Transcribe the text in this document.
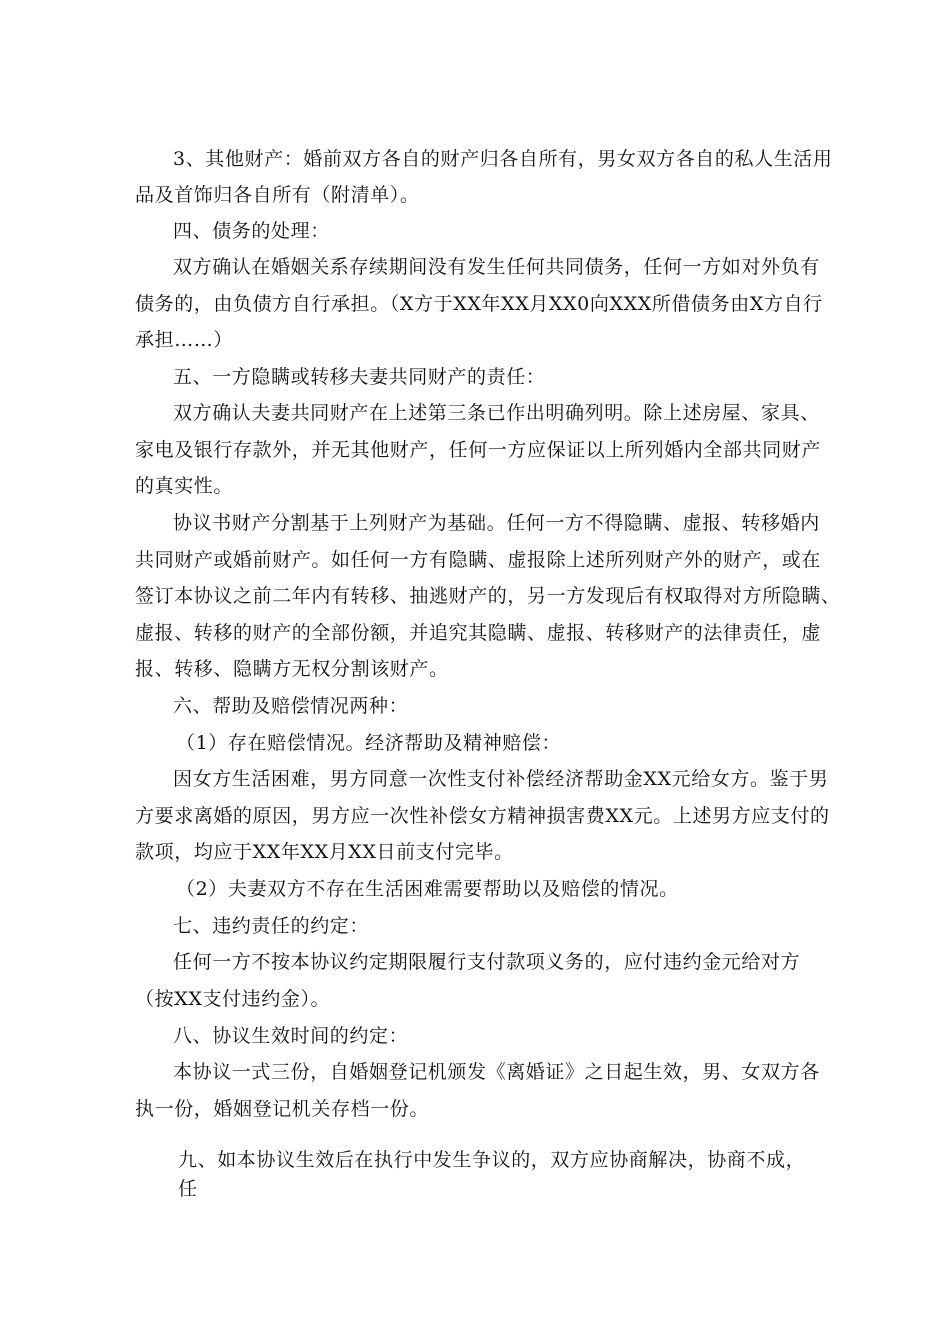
3、其他财产：婚前双方各自的财产归各自所有，男女双方各自的私人生活用
品及首饰归各自所有（附清单）。
四、债务的处理：
双方确认在婚姻关系存续期间没有发生任何共同债务，任何一方如对外负有
债务的，由负债方自行承担。（X方于XX年XX月XX0向XXX所借债务由X方自行
承担……）
五、一方隐瞒或转移夫妻共同财产的责任：
双方确认夫妻共同财产在上述第三条已作出明确列明。除上述房屋、家具、
家电及银行存款外，并无其他财产，任何一方应保证以上所列婚内全部共同财产
的真实性。
协议书财产分割基于上列财产为基础。任何一方不得隐瞒、虚报、转移婚内
共同财产或婚前财产。如任何一方有隐瞒、虚报除上述所列财产外的财产，或在
签订本协议之前二年内有转移、抽逃财产的，另一方发现后有权取得对方所隐瞒、
虚报、转移的财产的全部份额，并追究其隐瞒、虚报、转移财产的法律责任，虚
报、转移、隐瞒方无权分割该财产。
六、帮助及赔偿情况两种：
（1）存在赔偿情况。经济帮助及精神赔偿：
因女方生活困难，男方同意一次性支付补偿经济帮助金XX元给女方。鉴于男
方要求离婚的原因，男方应一次性补偿女方精神损害费XX元。上述男方应支付的
款项，均应于XX年XX月XX日前支付完毕。
（2）夫妻双方不存在生活困难需要帮助以及赔偿的情况。
七、违约责任的约定：
任何一方不按本协议约定期限履行支付款项义务的，应付违约金元给对方
（按XX支付违约金）。
八、协议生效时间的约定：
本协议一式三份，自婚姻登记机颁发《离婚证》之日起生效，男、女双方各
执一份，婚姻登记机关存档一份。
九、如本协议生效后在执行中发生争议的，双方应协商解决，协商不成，
任
